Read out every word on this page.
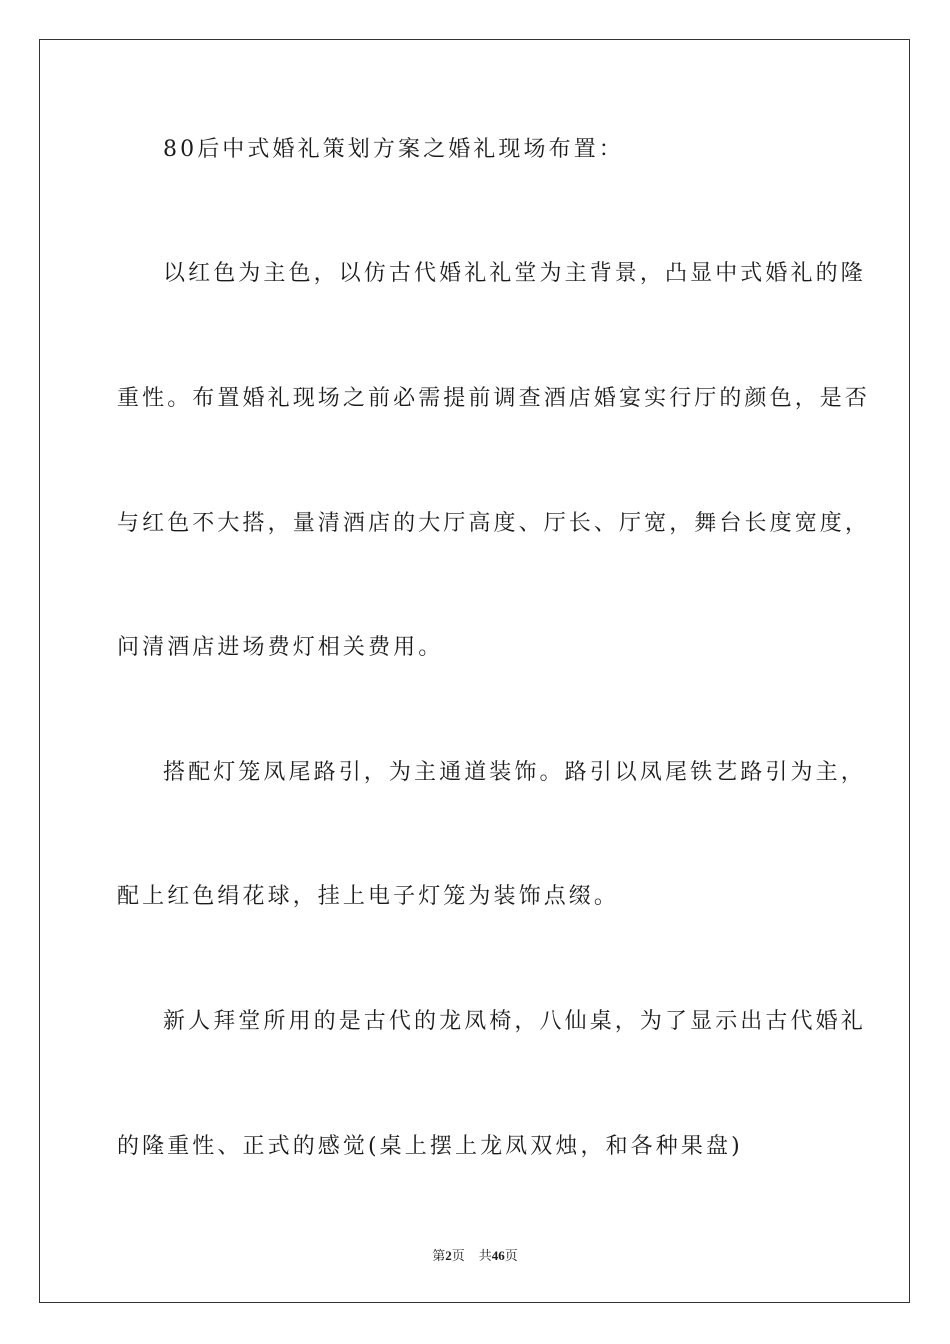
80后中式婚礼策划方案之婚礼现场布置：
以红色为主色，以仿古代婚礼礼堂为主背景，凸显中式婚礼的隆
重性。布置婚礼现场之前必需提前调查酒店婚宴实行厅的颜色，是否
与红色不大搭，量清酒店的大厅高度、厅长、厅宽，舞台长度宽度，
问清酒店进场费灯相关费用。
搭配灯笼凤尾路引，为主通道装饰。路引以凤尾铁艺路引为主，
配上红色绢花球，挂上电子灯笼为装饰点缀。
新人拜堂所用的是古代的龙凤椅，八仙桌，为了显示出古代婚礼
的隆重性、正式的感觉(桌上摆上龙凤双烛，和各种果盘)
第2页 共46页
